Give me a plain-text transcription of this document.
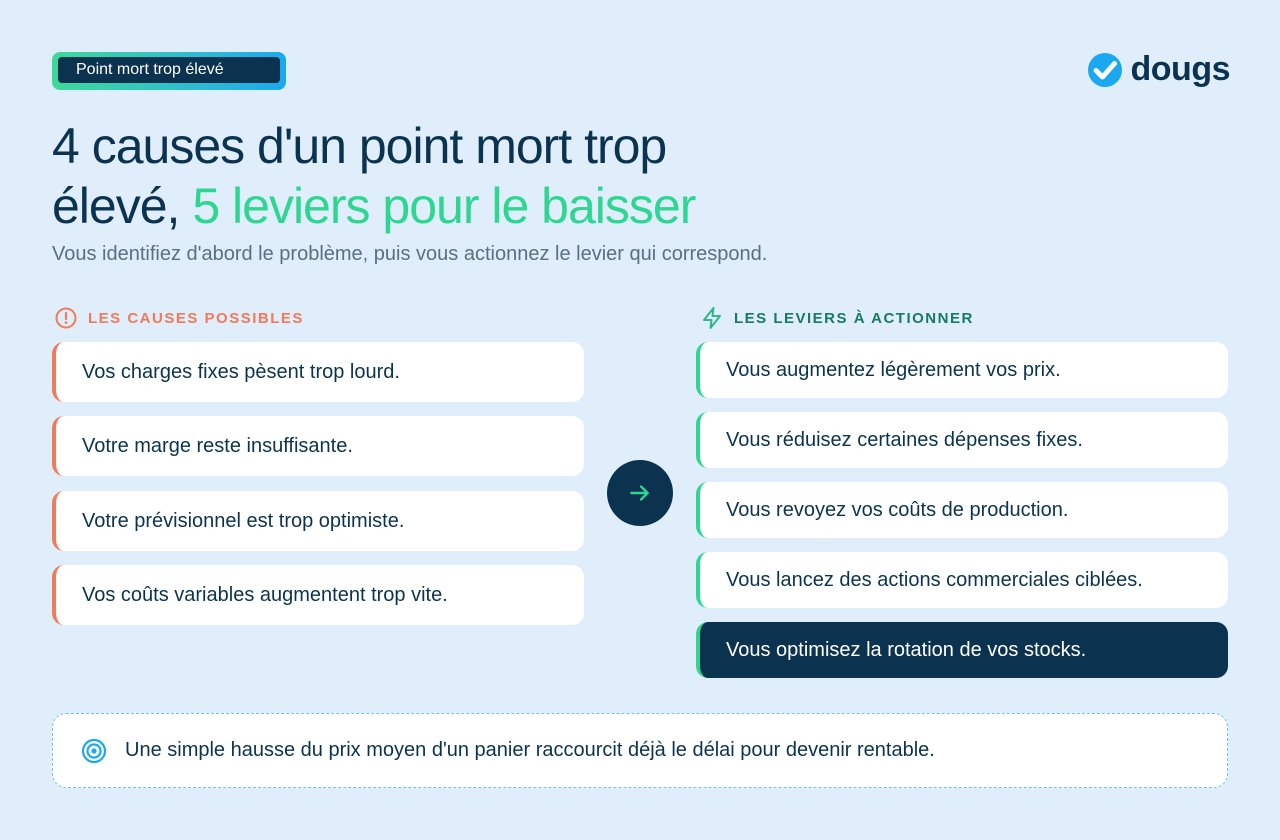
Point mort trop élevé	dougs
4 causes d'un point mort trop
élevé, 5 leviers pour le baisser

Vous identifiez d'abord le problème, puis vous actionnez le levier qui correspond.

LES CAUSES POSSIBLES	LES LEVIERS À ACTIONNER
Vos charges fixes pèsent trop lourd.
Votre marge reste insuffisante.
Votre prévisionnel est trop optimiste.
Vos coûts variables augmentent trop vite.
Vous augmentez légèrement vos prix.
Vous réduisez certaines dépenses fixes.
Vous revoyez vos coûts de production.
Vous lancez des actions commerciales ciblées.
Vous optimisez la rotation de vos stocks.
Une simple hausse du prix moyen d'un panier raccourcit déjà le délai pour devenir rentable.
